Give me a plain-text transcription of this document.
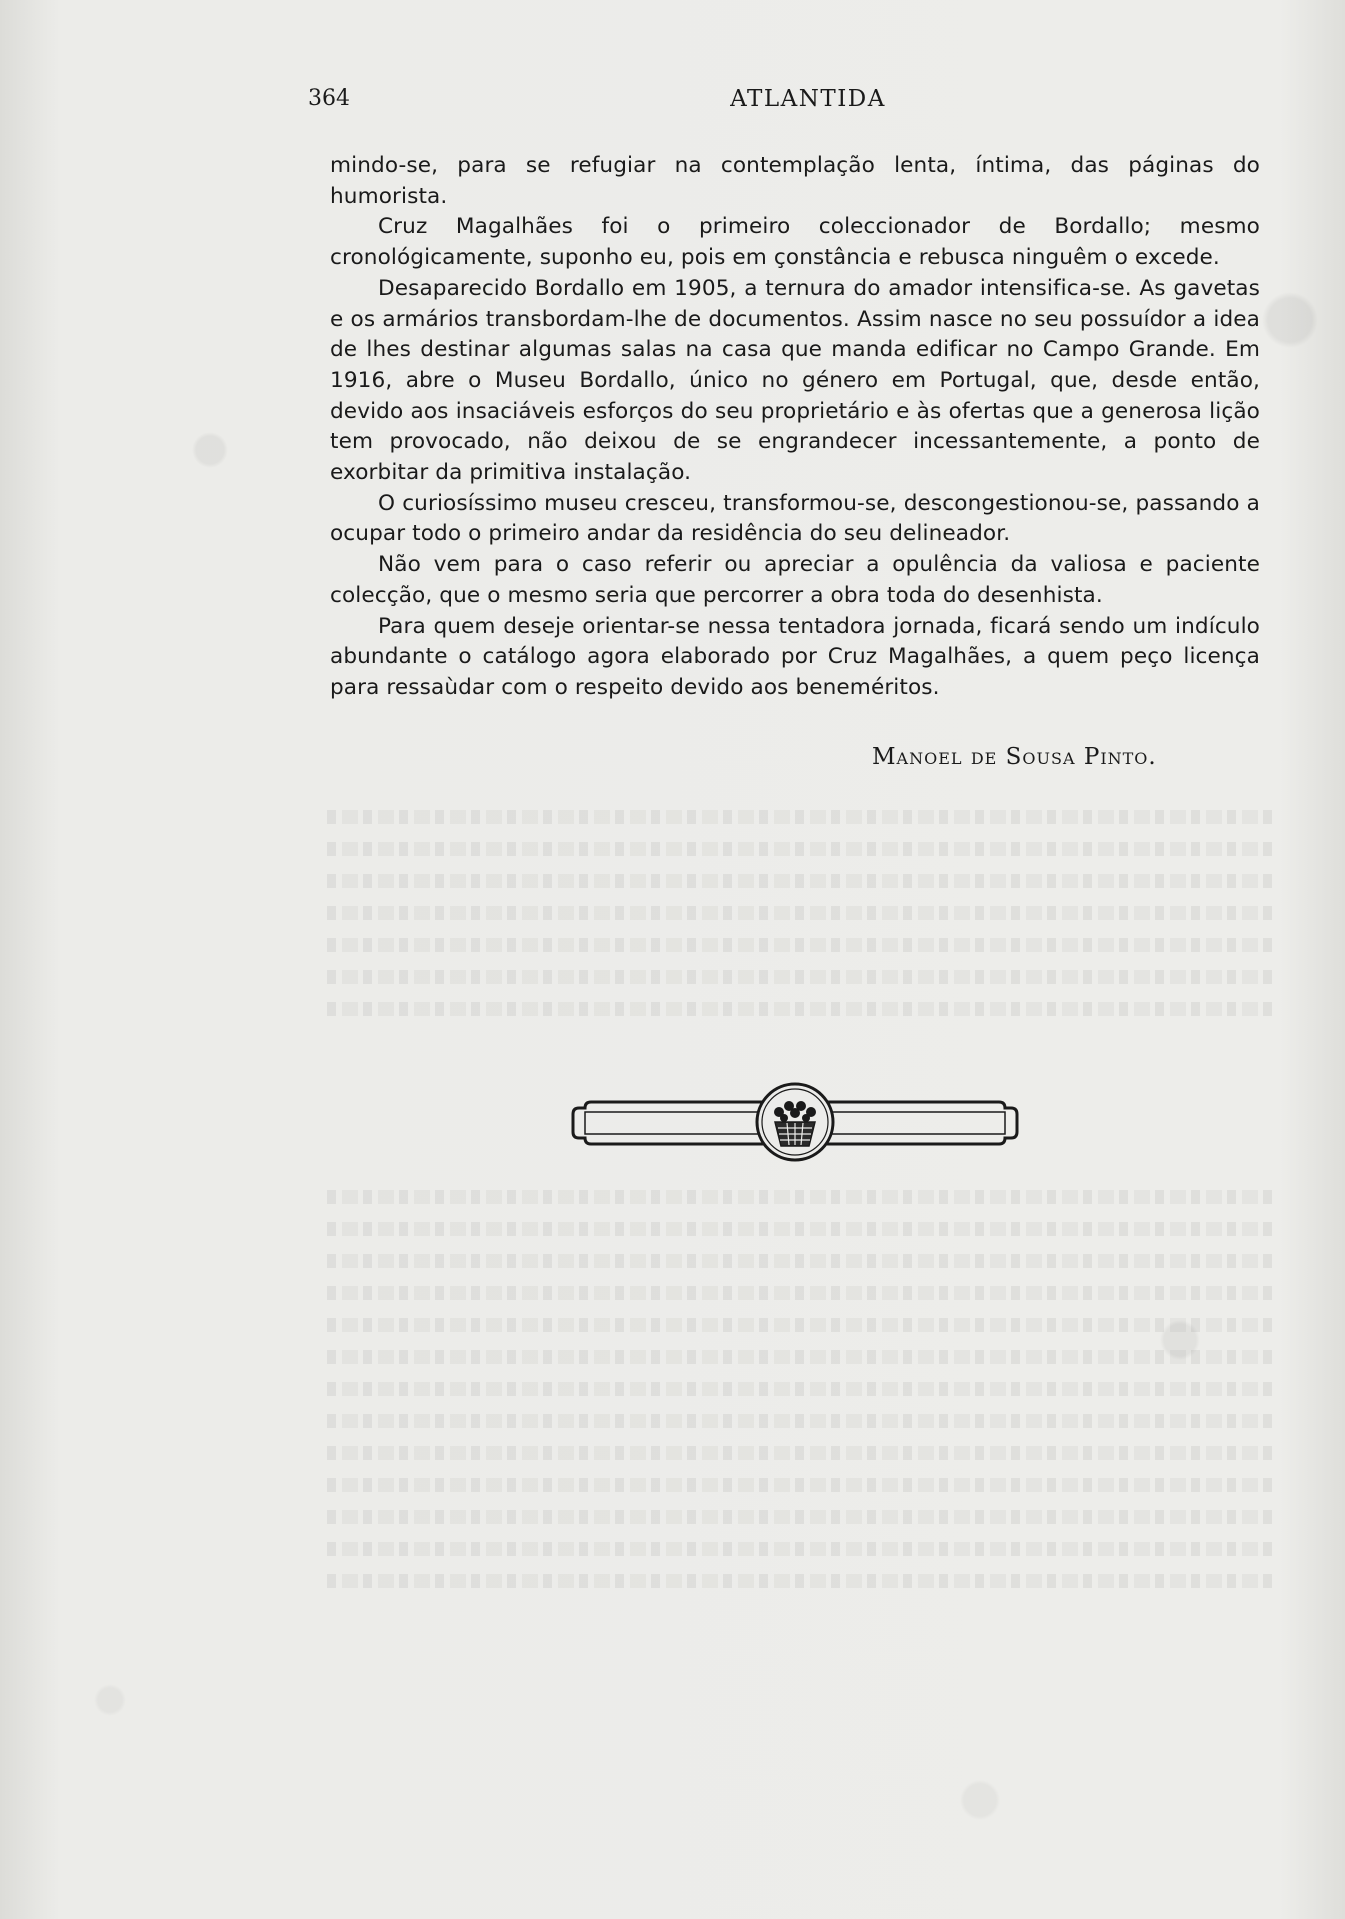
364	ATLANTIDA

mindo-se, para se refugiar na contemplação lenta, íntima, das páginas do humorista.

Cruz Magalhães foi o primeiro coleccionador de Bordallo; mesmo cronológicamente, suponho eu, pois em çonstância e rebusca ninguêm o excede.

Desaparecido Bordallo em 1905, a ternura do amador intensifica-se. As gavetas e os armários transbordam-lhe de documentos. Assim nasce no seu possuídor a idea de lhes destinar algumas salas na casa que manda edificar no Campo Grande. Em 1916, abre o Museu Bordallo, único no género em Portugal, que, desde então, devido aos insaciáveis esforços do seu proprietário e às ofertas que a generosa lição tem provocado, não deixou de se engrandecer incessantemente, a ponto de exorbitar da primitiva instalação.

O curiosíssimo museu cresceu, transformou-se, descongestionou-se, passando a ocupar todo o primeiro andar da residência do seu delineador.

Não vem para o caso referir ou apreciar a opulência da valiosa e paciente colecção, que o mesmo seria que percorrer a obra toda do desenhista.

Para quem deseje orientar-se nessa tentadora jornada, ficará sendo um indículo abundante o catálogo agora elaborado por Cruz Magalhães, a quem peço licença para ressaùdar com o respeito devido aos beneméritos.

Manoel de Sousa Pinto.
